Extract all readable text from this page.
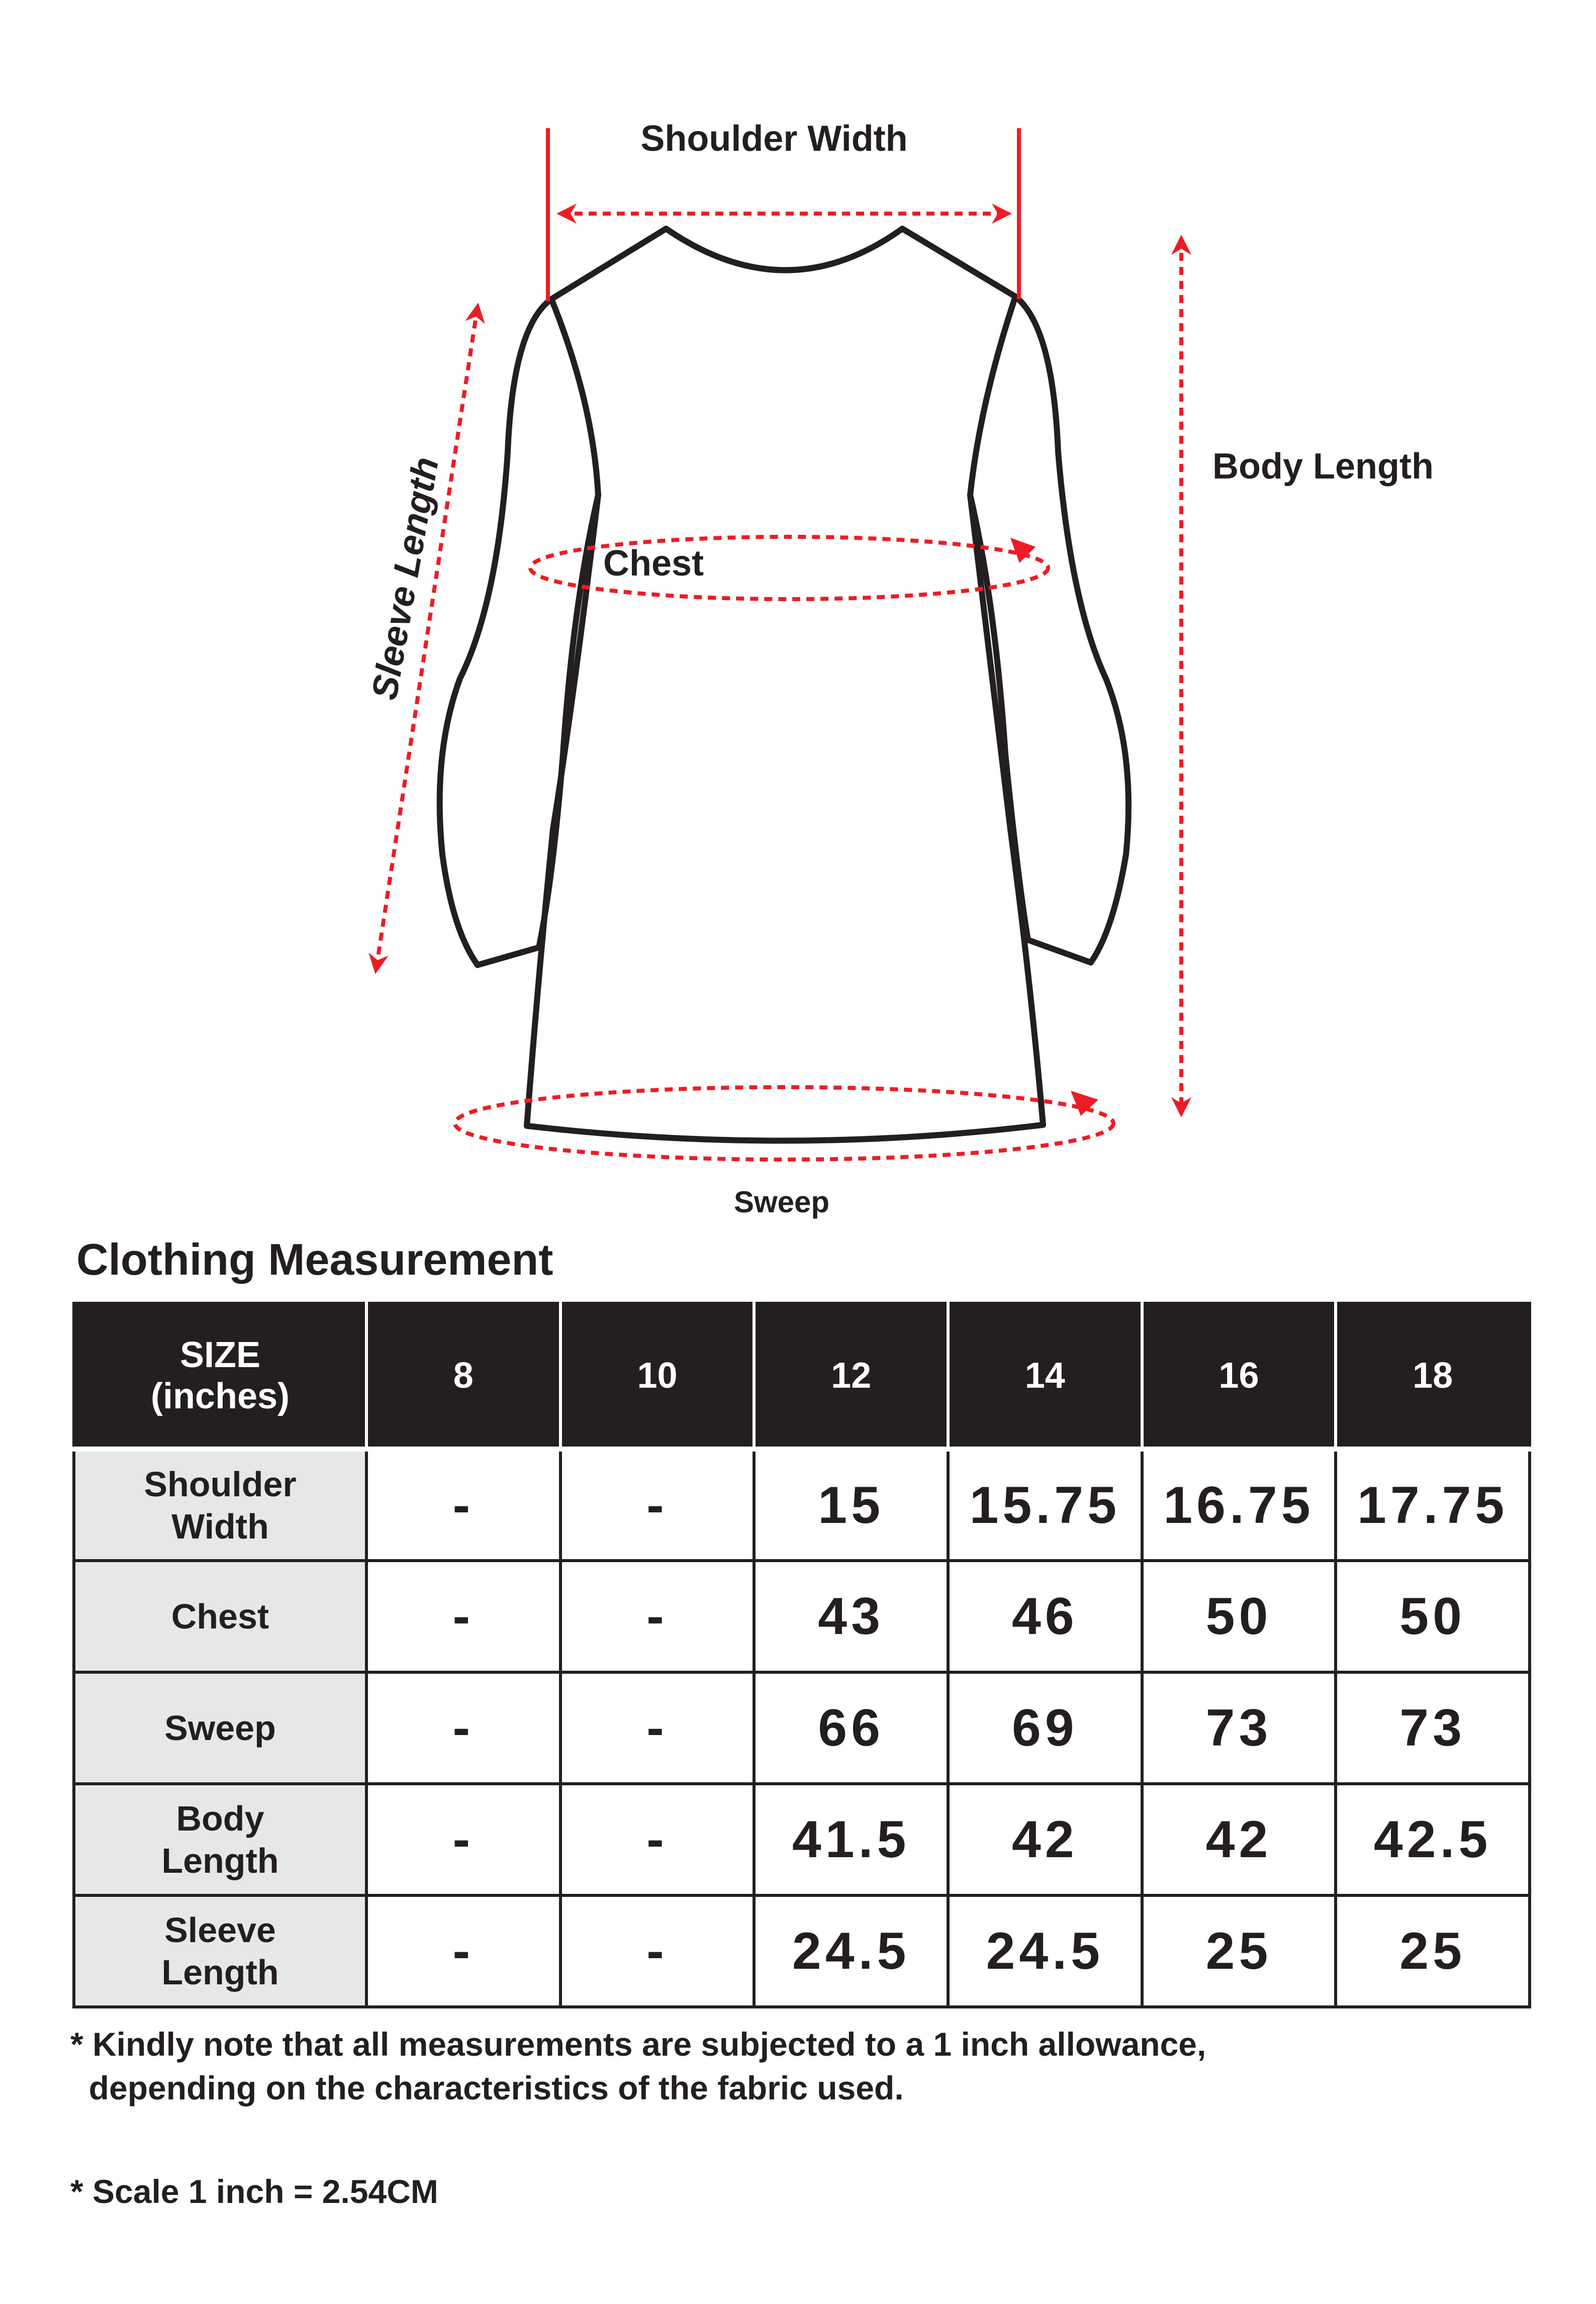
Shoulder Width
Sleeve Length	Chest
Body Length
Sweep
Clothing Measurement
SIZE
(inches)	8	10	12	14	16	18

Shoulder
Width	-	-	15	15.75	16.75	17.75

Chest	-	-	43	46	50	50

Sweep	-	-	66	69	73	73

Body
Length	-	-	41.5	42	42	42.5

Sleeve
Length	-	-	24.5	24.5	25	25
* Kindly note that all measurements are subjected to a 1 inch allowance,
depending on the characteristics of the fabric used.
* Scale 1 inch = 2.54CM
